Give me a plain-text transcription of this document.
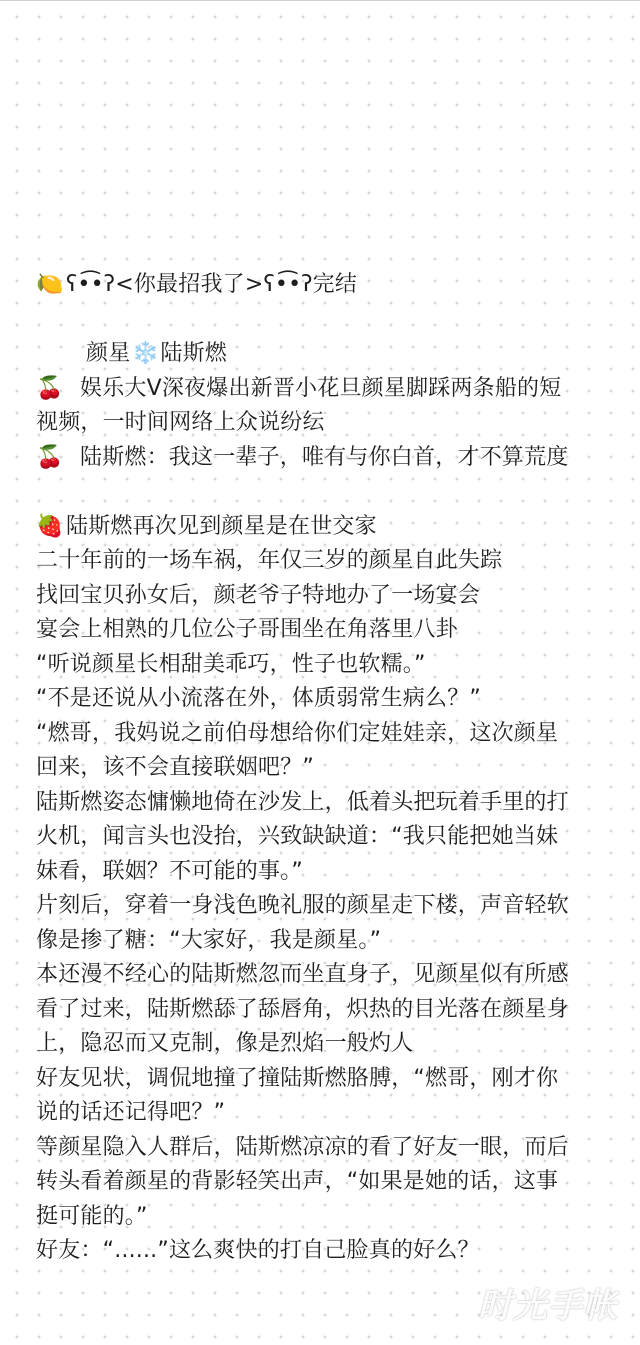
🍋 ʕ•͡•ʔ<你最招我了>ʕ•͡•ʔ完结
颜星❄️陆斯燃
🍒 娱乐大V深夜爆出新晋小花旦颜星脚踩两条船的短
视频，一时间网络上众说纷纭
🍒 陆斯燃：我这一辈子，唯有与你白首，才不算荒度
🍓 陆斯燃再次见到颜星是在世交家
二十年前的一场车祸，年仅三岁的颜星自此失踪
找回宝贝孙女后，颜老爷子特地办了一场宴会
宴会上相熟的几位公子哥围坐在角落里八卦
“听说颜星长相甜美乖巧，性子也软糯。”
“不是还说从小流落在外，体质弱常生病么？”
“燃哥，我妈说之前伯母想给你们定娃娃亲，这次颜星
回来，该不会直接联姻吧？”
陆斯燃姿态慵懒地倚在沙发上，低着头把玩着手里的打
火机，闻言头也没抬，兴致缺缺道：“我只能把她当妹
妹看，联姻？不可能的事。”
片刻后，穿着一身浅色晚礼服的颜星走下楼，声音轻软
像是掺了糖：“大家好，我是颜星。”
本还漫不经心的陆斯燃忽而坐直身子，见颜星似有所感
看了过来，陆斯燃舔了舔唇角，炽热的目光落在颜星身
上，隐忍而又克制，像是烈焰一般灼人
好友见状，调侃地撞了撞陆斯燃胳膊，“燃哥，刚才你
说的话还记得吧？”
等颜星隐入人群后，陆斯燃凉凉的看了好友一眼，而后
转头看着颜星的背影轻笑出声，“如果是她的话，这事
挺可能的。”
好友：“......”这么爽快的打自己脸真的好么？
时光手帐
